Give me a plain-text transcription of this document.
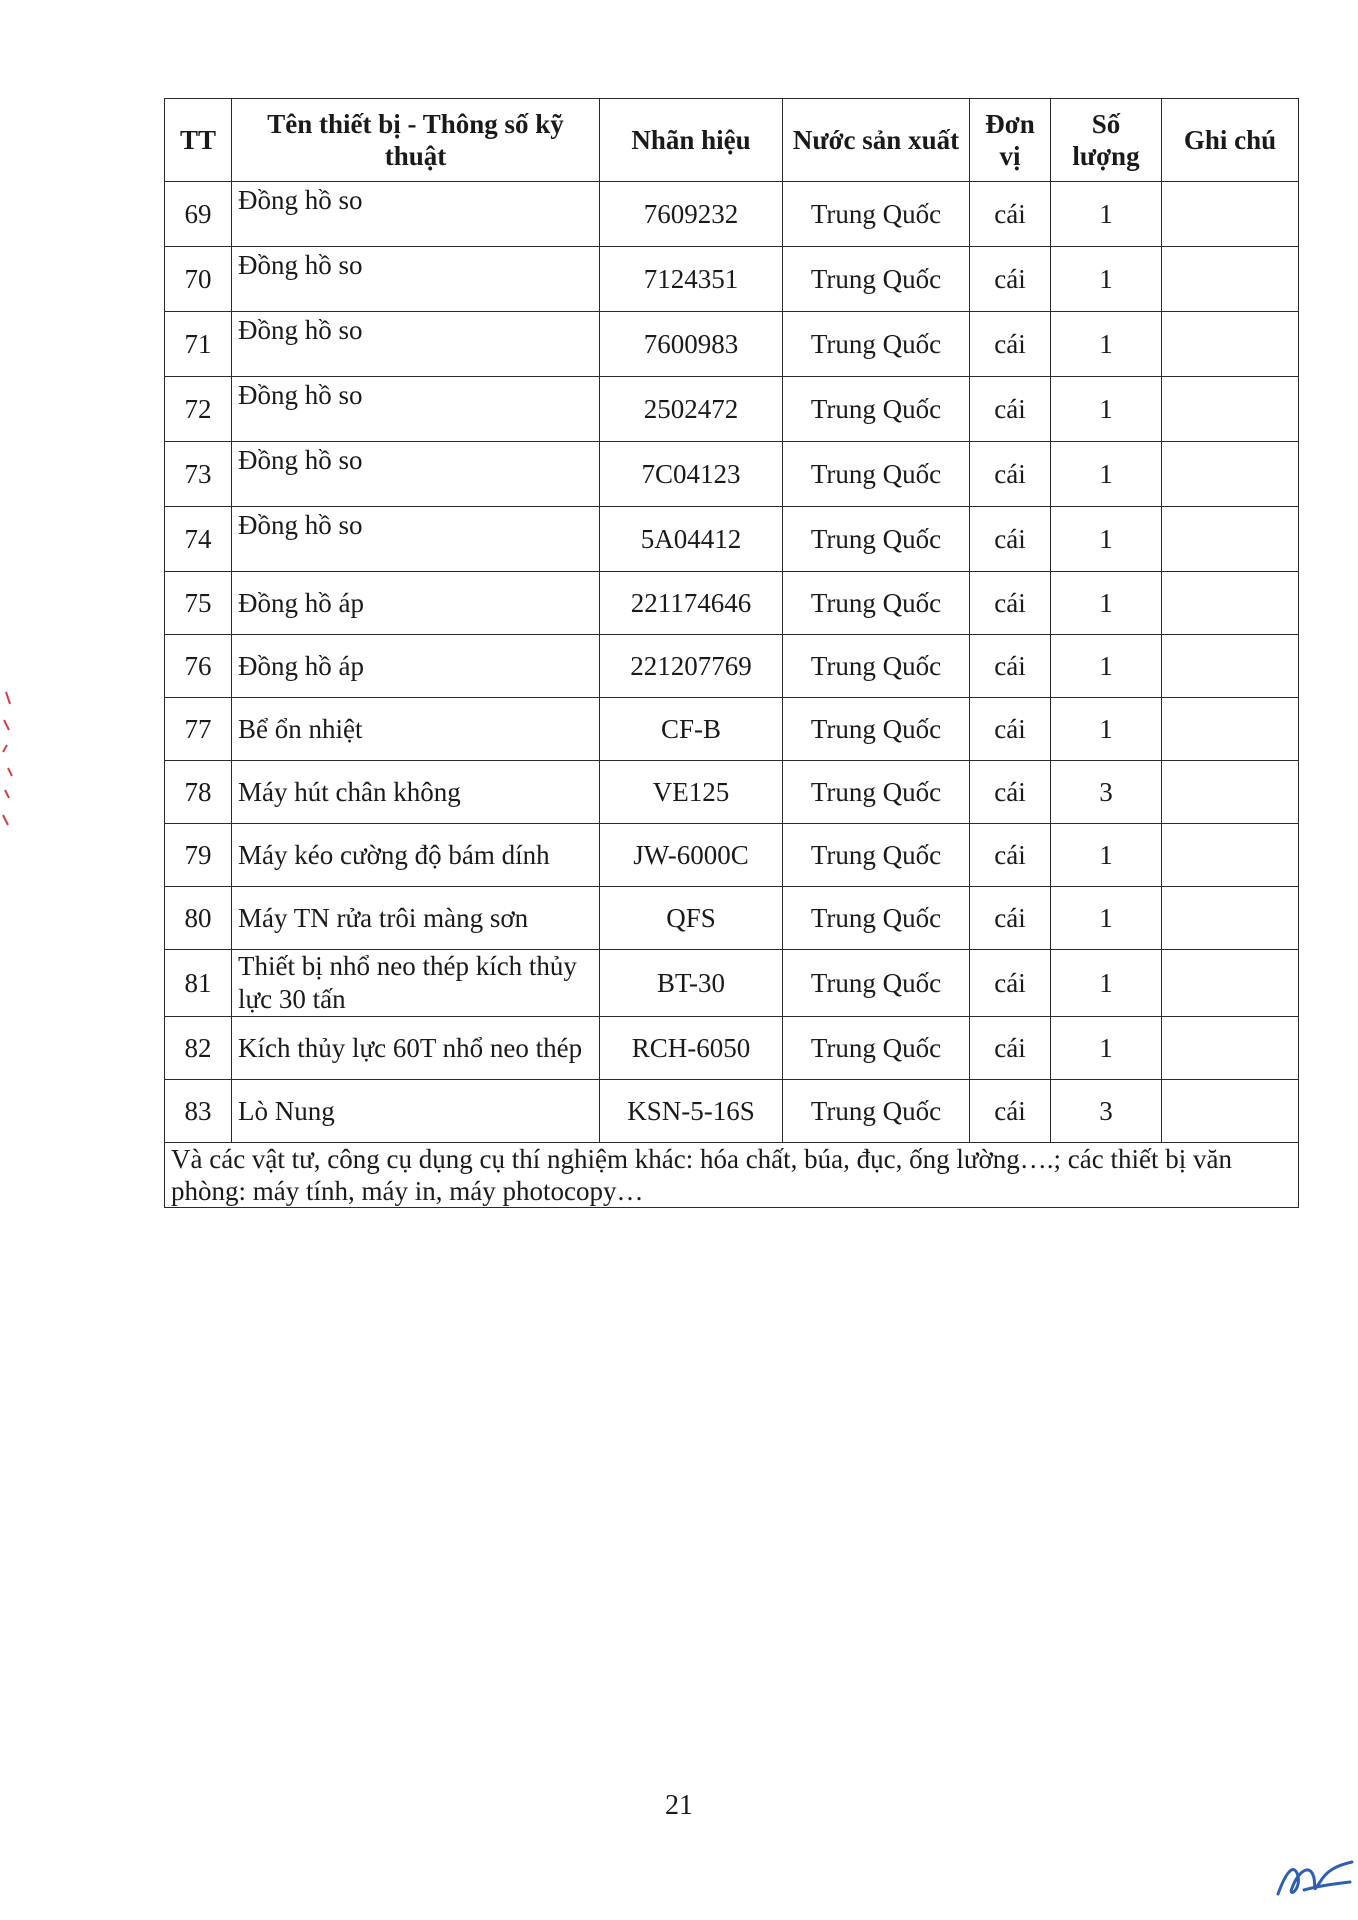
TT	Tên thiết bị - Thông số kỹ thuật	Nhãn hiệu	Nước sản xuất	Đơn vị	Số lượng	Ghi chú
69	Đồng hồ so	7609232	Trung Quốc	cái	1	
70	Đồng hồ so	7124351	Trung Quốc	cái	1	
71	Đồng hồ so	7600983	Trung Quốc	cái	1	
72	Đồng hồ so	2502472	Trung Quốc	cái	1	
73	Đồng hồ so	7C04123	Trung Quốc	cái	1	
74	Đồng hồ so	5A04412	Trung Quốc	cái	1	
75	Đồng hồ áp	221174646	Trung Quốc	cái	1	
76	Đồng hồ áp	221207769	Trung Quốc	cái	1	
77	Bể ổn nhiệt	CF-B	Trung Quốc	cái	1	
78	Máy hút chân không	VE125	Trung Quốc	cái	3	
79	Máy kéo cường độ bám dính	JW-6000C	Trung Quốc	cái	1	
80	Máy TN rửa trôi màng sơn	QFS	Trung Quốc	cái	1	
81	Thiết bị nhổ neo thép kích thủy lực 30 tấn	BT-30	Trung Quốc	cái	1	
82	Kích thủy lực 60T nhổ neo thép	RCH-6050	Trung Quốc	cái	1	
83	Lò Nung	KSN-5-16S	Trung Quốc	cái	3	
Và các vật tư, công cụ dụng cụ thí nghiệm khác: hóa chất, búa, đục, ống lường….; các thiết bị văn phòng: máy tính, máy in, máy photocopy…						
21
